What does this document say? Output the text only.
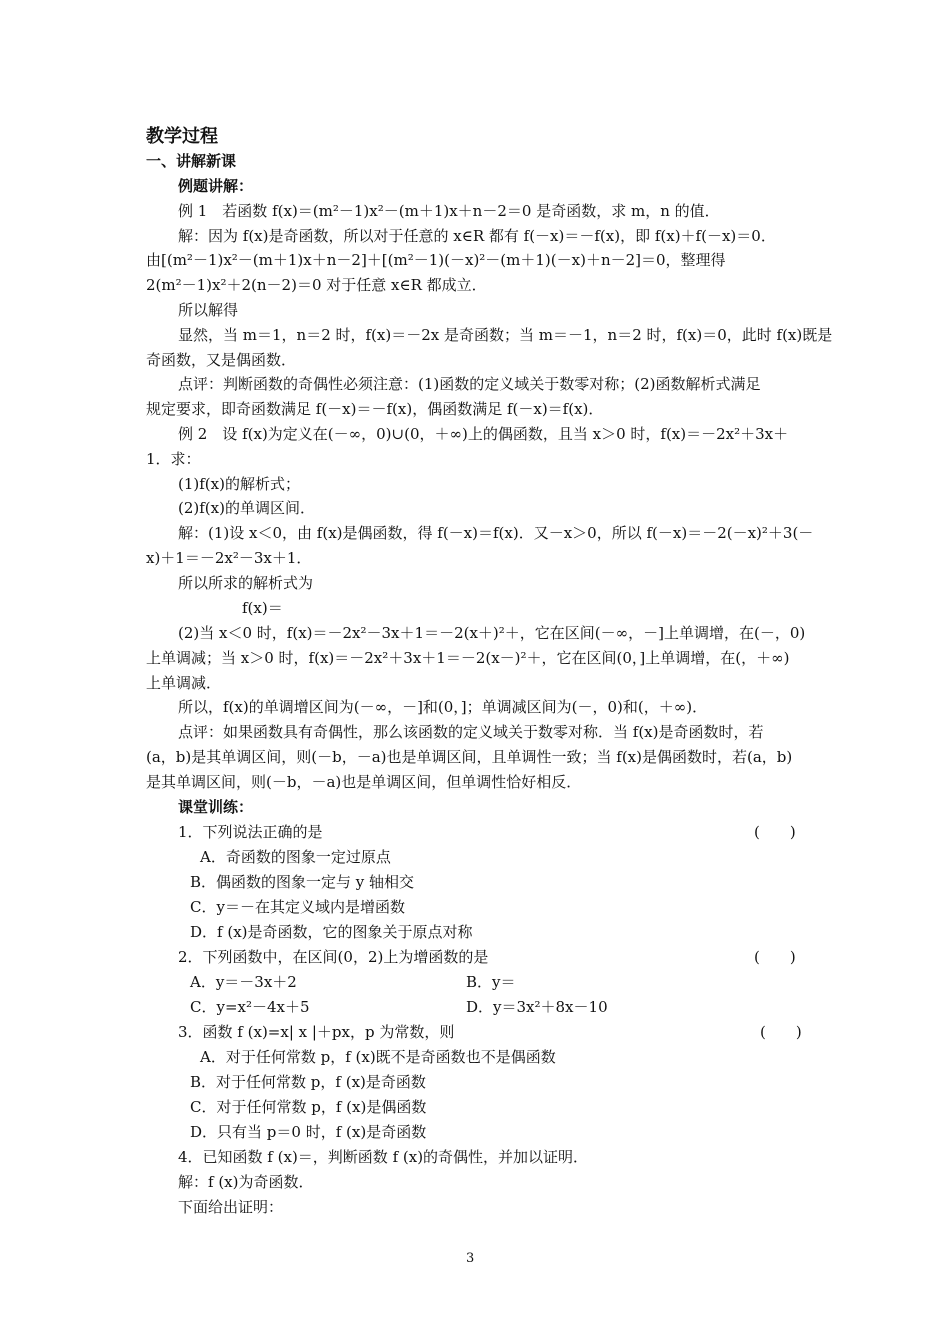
教学过程
一、讲解新课
例题讲解：
例 1　若函数 f(x)＝(m²－1)x²－(m＋1)x＋n－2＝0 是奇函数，求 m，n 的值．
解：因为 f(x)是奇函数，所以对于任意的 x∈R 都有 f(－x)＝－f(x)，即 f(x)＋f(－x)＝0．
由[(m²－1)x²－(m＋1)x＋n－2]＋[(m²－1)(－x)²－(m＋1)(－x)＋n－2]＝0，整理得
2(m²－1)x²＋2(n－2)＝0 对于任意 x∈R 都成立．
所以解得
显然，当 m＝1，n＝2 时，f(x)＝－2x 是奇函数；当 m＝－1，n＝2 时，f(x)＝0，此时 f(x)既是
奇函数，又是偶函数．
点评：判断函数的奇偶性必须注意：(1)函数的定义域关于数零对称；(2)函数解析式满足
规定要求，即奇函数满足 f(－x)＝－f(x)，偶函数满足 f(－x)＝f(x)．
例 2　设 f(x)为定义在(－∞，0)∪(0，＋∞)上的偶函数，且当 x＞0 时，f(x)＝－2x²＋3x＋
1．求：
(1)f(x)的解析式；
(2)f(x)的单调区间．
解：(1)设 x＜0，由 f(x)是偶函数，得 f(－x)＝f(x)．又－x＞0，所以 f(－x)＝－2(－x)²＋3(－
x)＋1＝－2x²－3x＋1．
所以所求的解析式为
f(x)＝
(2)当 x＜0 时，f(x)＝－2x²－3x＋1＝－2(x＋)²＋，它在区间(－∞，－]上单调增，在(－，0)
上单调减；当 x＞0 时，f(x)＝－2x²＋3x＋1＝－2(x－)²＋，它在区间(0，]上单调增，在(，＋∞)
上单调减．
所以，f(x)的单调增区间为(－∞，－]和(0，]；单调减区间为(－，0)和(，＋∞)．
点评：如果函数具有奇偶性，那么该函数的定义域关于数零对称．当 f(x)是奇函数时，若
(a，b)是其单调区间，则(－b，－a)也是单调区间，且单调性一致；当 f(x)是偶函数时，若(a，b)
是其单调区间，则(－b，－a)也是单调区间，但单调性恰好相反．
课堂训练：
1．下列说法正确的是	(　　)
A．奇函数的图象一定过原点
B．偶函数的图象一定与 y 轴相交
C．y＝－在其定义域内是增函数
D．f (x)是奇函数，它的图象关于原点对称
2．下列函数中，在区间(0，2)上为增函数的是	(　　)
A．y＝－3x＋2	B．y＝
C．y=x²－4x＋5	D．y＝3x²＋8x－10
3．函数 f (x)=x| x |＋px，p 为常数，则	(　　)
A．对于任何常数 p，f (x)既不是奇函数也不是偶函数
B．对于任何常数 p，f (x)是奇函数
C．对于任何常数 p，f (x)是偶函数
D．只有当 p＝0 时，f (x)是奇函数
4．已知函数 f (x)＝，判断函数 f (x)的奇偶性，并加以证明．
解：f (x)为奇函数．
下面给出证明：
3
